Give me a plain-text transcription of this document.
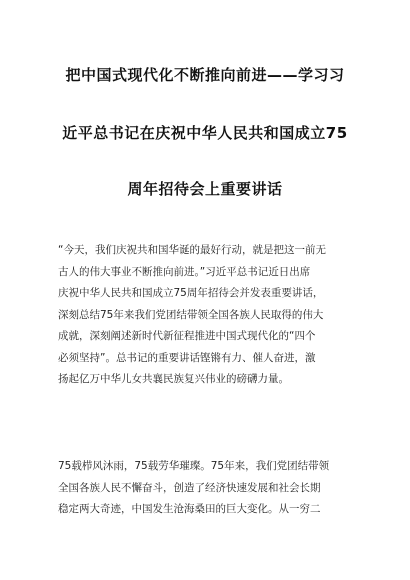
把中国式现代化不断推向前进——学习习
近平总书记在庆祝中华人民共和国成立75
周年招待会上重要讲话
“今天，我们庆祝共和国华诞的最好行动，就是把这一前无
古人的伟大事业不断推向前进。”习近平总书记近日出席
庆祝中华人民共和国成立75周年招待会并发表重要讲话，
深刻总结75年来我们党团结带领全国各族人民取得的伟大
成就，深刻阐述新时代新征程推进中国式现代化的“四个
必须坚持”。总书记的重要讲话铿锵有力、催人奋进，激
扬起亿万中华儿女共襄民族复兴伟业的磅礴力量。
75载栉风沐雨，75载劳华璀璨。75年来，我们党团结带领
全国各族人民不懈奋斗，创造了经济快速发展和社会长期
稳定两大奇迹，中国发生沧海桑田的巨大变化。从一穷二
